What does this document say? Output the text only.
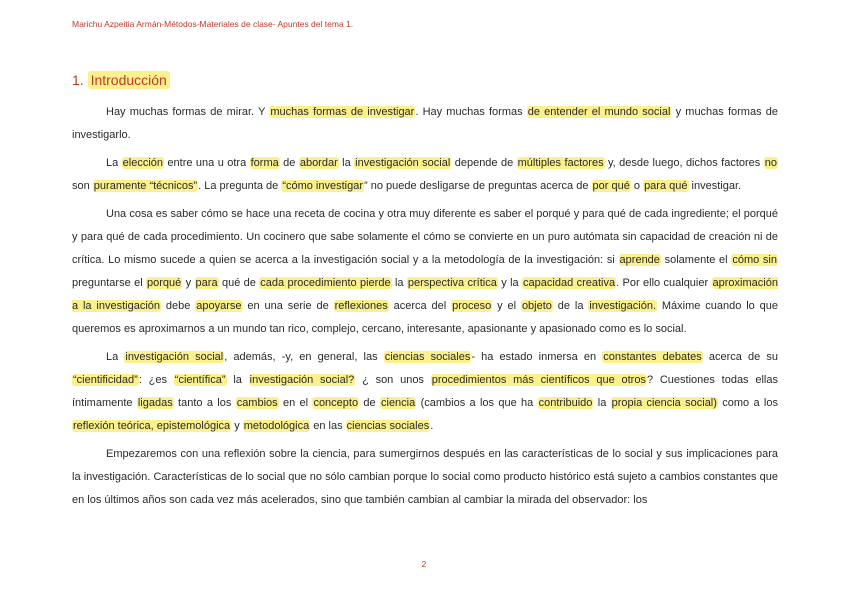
Marichu Azpeitia Armán-Métodos-Materiales de clase- Apuntes del tema 1.
1. Introducción

Hay muchas formas de mirar. Y muchas formas de investigar. Hay muchas formas de entender el mundo social y muchas formas de investigarlo.

La elección entre una u otra forma de abordar la investigación social depende de múltiples factores y, desde luego, dichos factores no son puramente “técnicos”. La pregunta de “cómo investigar” no puede desligarse de preguntas acerca de por qué o para qué investigar.

Una cosa es saber cómo se hace una receta de cocina y otra muy diferente es saber el porqué y para qué de cada ingrediente; el porqué y para qué de cada procedimiento. Un cocinero que sabe solamente el cómo se convierte en un puro autómata sin capacidad de creación ni de crítica. Lo mismo sucede a quien se acerca a la investigación social y a la metodología de la investigación: si aprende solamente el cómo sin preguntarse el porqué y para qué de cada procedimiento pierde la perspectiva crítica y la capacidad creativa. Por ello cualquier aproximación a la investigación debe apoyarse en una serie de reflexiones acerca del proceso y el objeto de la investigación. Máxime cuando lo que queremos es aproximarnos a un mundo tan rico, complejo, cercano, interesante, apasionante y apasionado como es lo social.

La investigación social, además, -y, en general, las ciencias sociales- ha estado inmersa en constantes debates acerca de su “cientificidad”: ¿es “científica” la investigación social? ¿ son unos procedimientos más científicos que otros? Cuestiones todas ellas íntimamente ligadas tanto a los cambios en el concepto de ciencia (cambios a los que ha contribuido la propia ciencia social) como a los reflexión teórica, epistemológica y metodológica en las ciencias sociales.

Empezaremos con una reflexión sobre la ciencia, para sumergirnos después en las características de lo social y sus implicaciones para la investigación. Características de lo social que no sólo cambian porque lo social como producto histórico está sujeto a cambios constantes que en los últimos años son cada vez más acelerados, sino que también cambian al cambiar la mirada del observador: los

2
